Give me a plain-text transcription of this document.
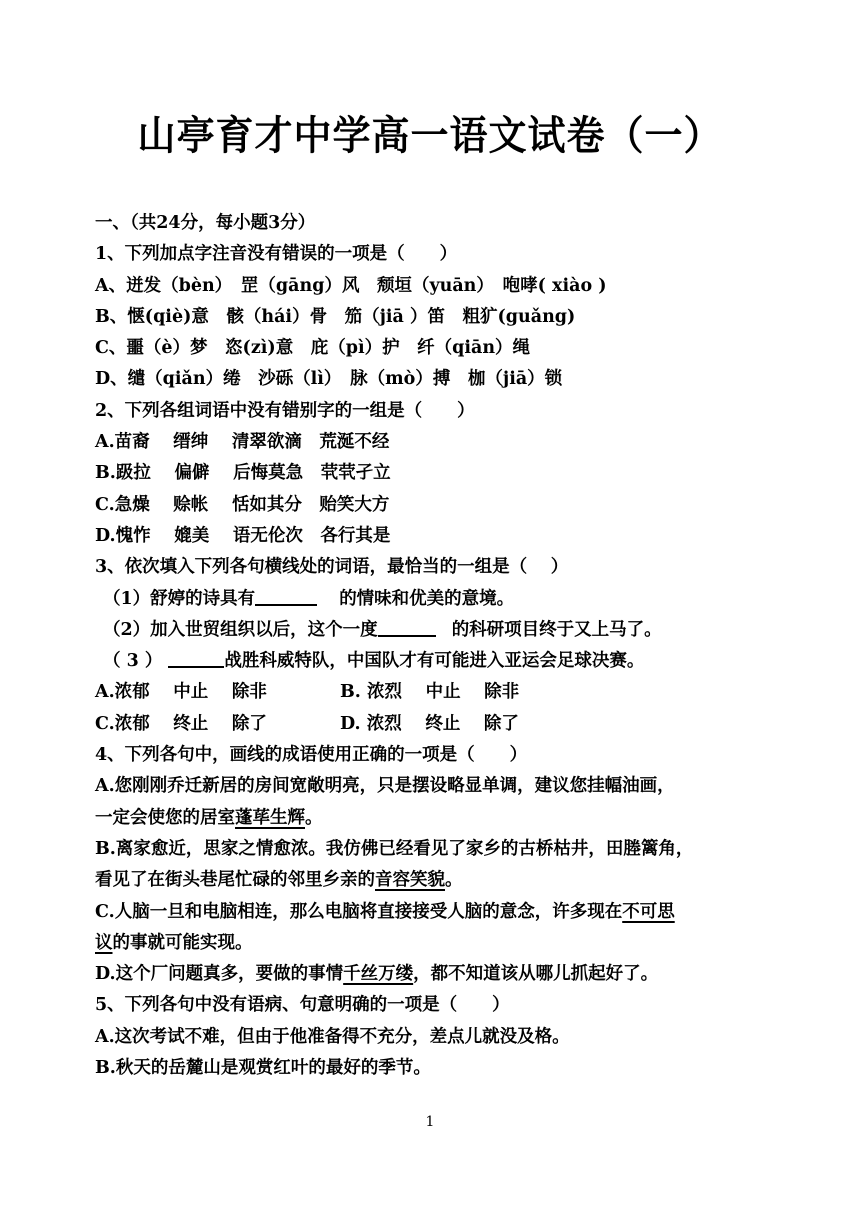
山亭育才中学高一语文试卷（一）
一、（共24分，每小题3分）
1、下列加点字注音没有错误的一项是（　　）
A、迸发（bèn）　罡（gāng）风　颓垣（yuān）　咆哮( xiào )
B、惬(qiè)意　骸（hái）骨　笳（jiā ）笛　粗犷(guǎng)
C、噩（è）梦　恣(zì)意　庇（pì）护　纤（qiān）绳
D、缱（qiǎn）绻　沙砾（lì）　脉（mò）搏　枷（jiā）锁
2、下列各组词语中没有错别字的一组是（　　）
A.苗裔　 缙绅　 清翠欲滴　荒涎不经
B.趿拉　 偏僻　 后悔莫急　茕茕孑立
C.急燥　 赊帐　 恬如其分　贻笑大方
D.愧怍　 媲美　 语无伦次　各行其是
3、依次填入下列各句横线处的词语，最恰当的一组是（　 ）
（1）舒婷的诗具有	的情味和优美的意境。
（2）加入世贸组织以后，这个一度	的科研项目终于又上马了。
（ 3 ）	战胜科威特队，中国队才有可能进入亚运会足球决赛。
A.浓郁　 中止　 除非	B. 浓烈　 中止　 除非
C.浓郁　 终止　 除了	D. 浓烈　 终止　 除了
4、下列各句中，画线的成语使用正确的一项是（　　）
A.您刚刚乔迁新居的房间宽敞明亮，只是摆设略显单调，建议您挂幅油画，
一定会使您的居室蓬荜生辉。
B.离家愈近，思家之情愈浓。我仿佛已经看见了家乡的古桥枯井，田塍篱角，
看见了在街头巷尾忙碌的邻里乡亲的音容笑貌。
C.人脑一旦和电脑相连，那么电脑将直接接受人脑的意念，许多现在不可思
议的事就可能实现。
D.这个厂问题真多，要做的事情千丝万缕，都不知道该从哪儿抓起好了。
5、下列各句中没有语病、句意明确的一项是（　　）
A.这次考试不难，但由于他准备得不充分，差点儿就没及格。
B.秋天的岳麓山是观赏红叶的最好的季节。
1
